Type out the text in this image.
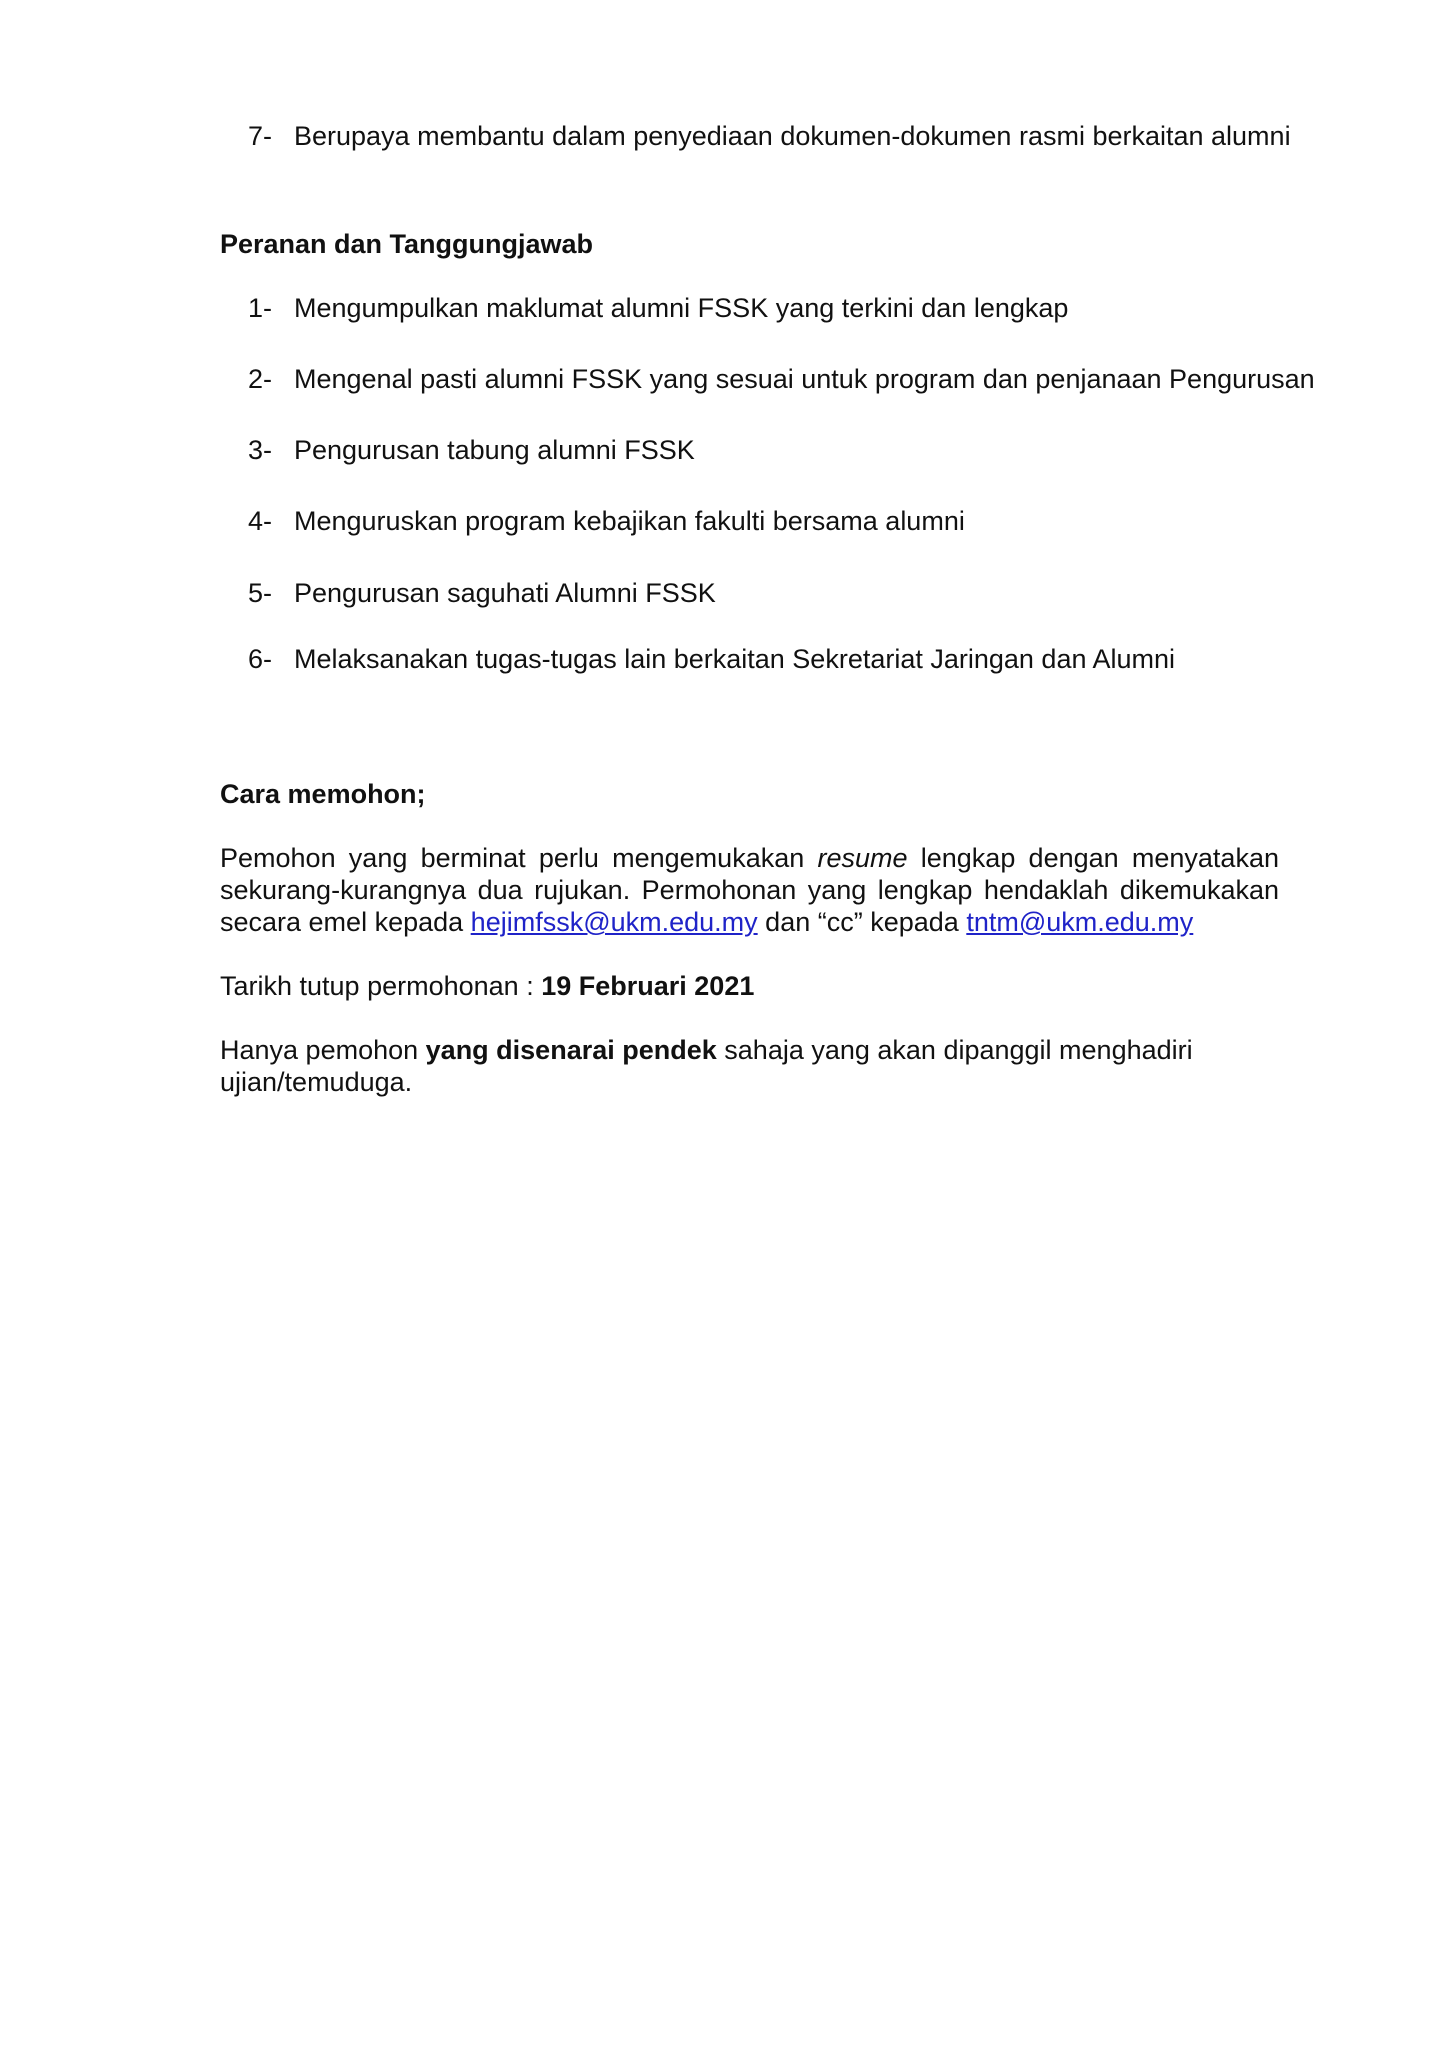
7- Berupaya membantu dalam penyediaan dokumen-dokumen rasmi berkaitan alumni
Peranan dan Tanggungjawab
1- Mengumpulkan maklumat alumni FSSK yang terkini dan lengkap
2- Mengenal pasti alumni FSSK yang sesuai untuk program dan penjanaan Pengurusan
3- Pengurusan tabung alumni FSSK
4- Menguruskan program kebajikan fakulti bersama alumni
5- Pengurusan saguhati Alumni FSSK
6- Melaksanakan tugas-tugas lain berkaitan Sekretariat Jaringan dan Alumni
Cara memohon;
Pemohon yang berminat perlu mengemukakan resume lengkap dengan menyatakan
sekurang-kurangnya dua rujukan. Permohonan yang lengkap hendaklah dikemukakan
secara emel kepada hejimfssk@ukm.edu.my dan “cc” kepada tntm@ukm.edu.my
Tarikh tutup permohonan : 19 Februari 2021
Hanya pemohon yang disenarai pendek sahaja yang akan dipanggil menghadiri
ujian/temuduga.
